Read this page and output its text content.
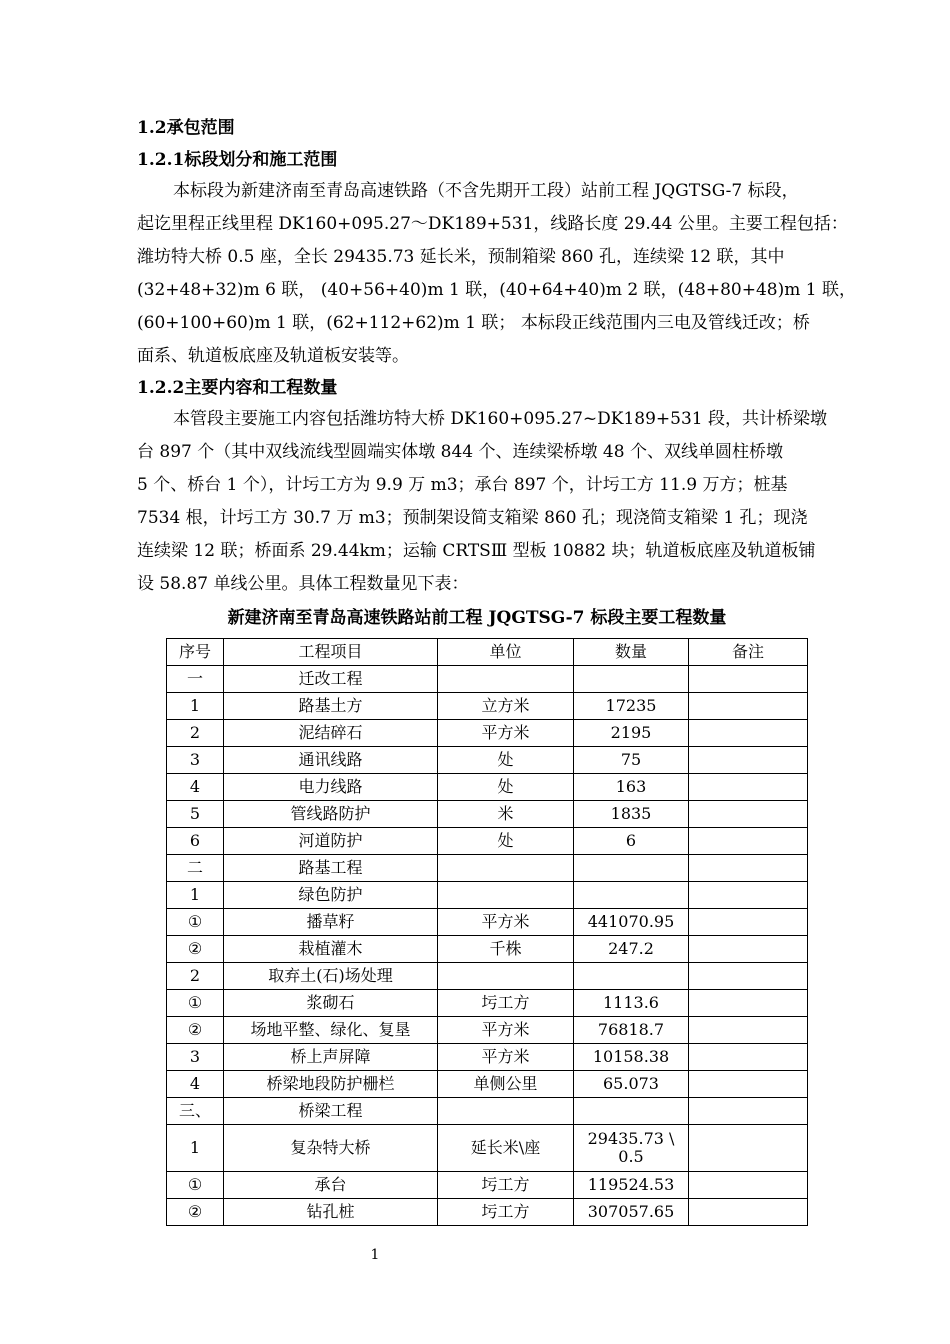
1.2承包范围
1.2.1标段划分和施工范围
本标段为新建济南至青岛高速铁路（不含先期开工段）站前工程 JQGTSG-7 标段，
起讫里程正线里程 DK160+095.27～DK189+531，线路长度 29.44 公里。主要工程包括：
潍坊特大桥 0.5 座，全长 29435.73 延长米，预制箱梁 860 孔，连续梁 12 联，其中
(32+48+32)m 6 联， (40+56+40)m 1 联，(40+64+40)m 2 联，(48+80+48)m 1 联，
(60+100+60)m 1 联，(62+112+62)m 1 联； 本标段正线范围内三电及管线迁改；桥
面系、轨道板底座及轨道板安装等。
1.2.2主要内容和工程数量
本管段主要施工内容包括潍坊特大桥 DK160+095.27~DK189+531 段，共计桥梁墩
台 897 个（其中双线流线型圆端实体墩 844 个、连续梁桥墩 48 个、双线单圆柱桥墩
5 个、桥台 1 个），计圬工方为 9.9 万 m3；承台 897 个，计圬工方 11.9 万方；桩基
7534 根，计圬工方 30.7 万 m3；预制架设简支箱梁 860 孔；现浇简支箱梁 1 孔；现浇
连续梁 12 联；桥面系 29.44km；运输 CRTSⅢ 型板 10882 块；轨道板底座及轨道板铺
设 58.87 单线公里。具体工程数量见下表：
新建济南至青岛高速铁路站前工程 JQGTSG-7 标段主要工程数量
序号	工程项目	单位	数量	备注
一	迁改工程			
1	路基土方	立方米	17235	
2	泥结碎石	平方米	2195	
3	通讯线路	处	75	
4	电力线路	处	163	
5	管线路防护	米	1835	
6	河道防护	处	6	
二	路基工程			
1	绿色防护			
①	播草籽	平方米	441070.95	
②	栽植灌木	千株	247.2	
2	取弃土(石)场处理			
①	浆砌石	圬工方	1113.6	
②	场地平整、绿化、复垦	平方米	76818.7	
3	桥上声屏障	平方米	10158.38	
4	桥梁地段防护栅栏	单侧公里	65.073	
三、	桥梁工程			
1	复杂特大桥	延长米\座	29435.73 \ 0.5	
①	承台	圬工方	119524.53	
②	钻孔桩	圬工方	307057.65	
1
